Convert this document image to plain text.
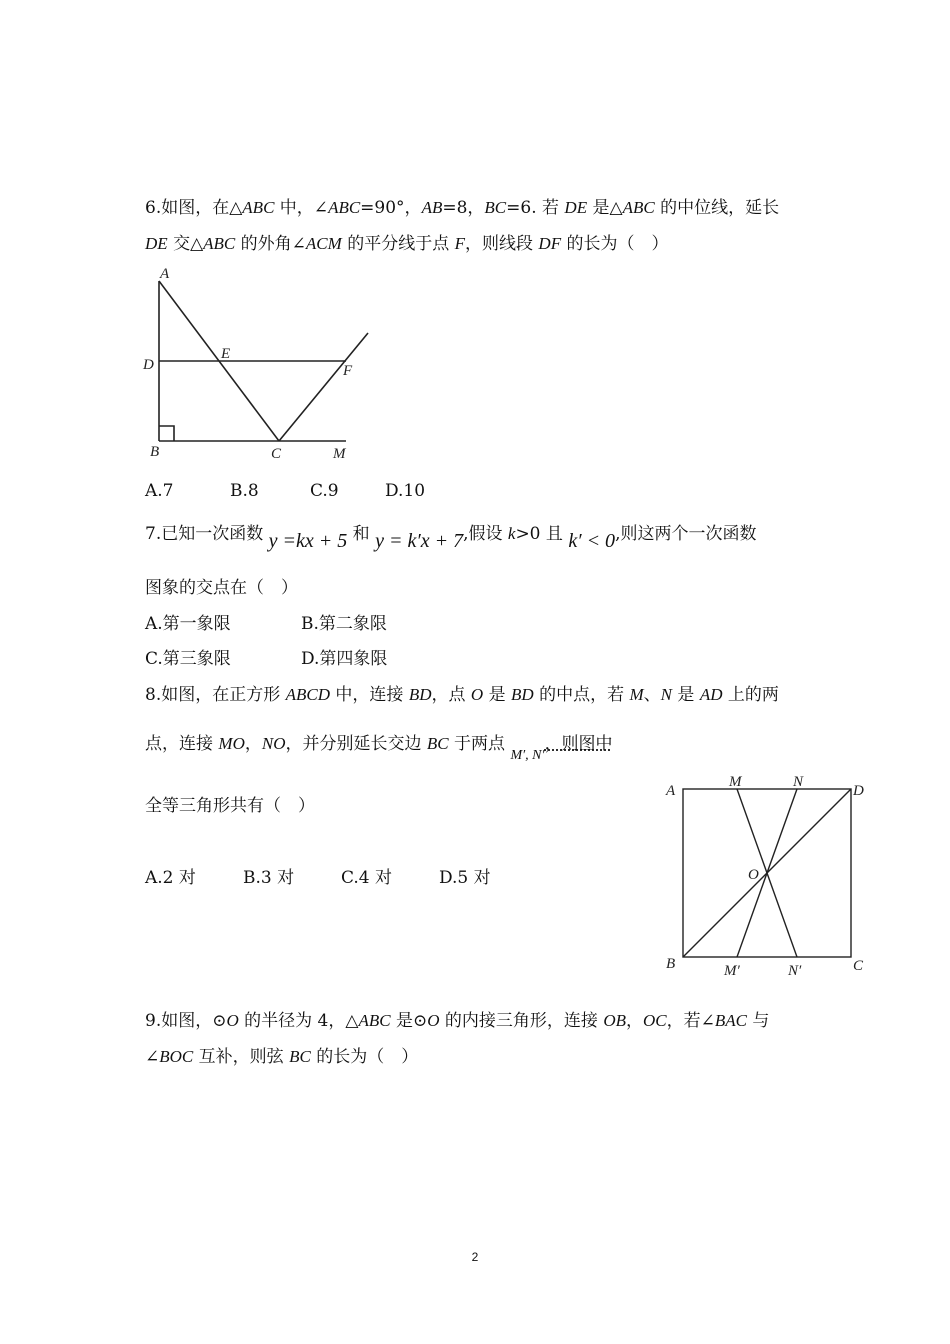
6.如图，在△ABC 中，∠ABC=90°，AB=8，BC=6. 若 DE 是△ABC 的中位线，延长
DE 交△ABC 的外角∠ACM 的平分线于点 F，则线段 DF 的长为（　）
A
E
D	F
B	C	M
A.7	B.8	C.9	D.10
7.已知一次函数 y =kx + 5 和 y = k′x + 7,假设 k>0 且 k′ < 0,则这两个一次函数
图象的交点在（　）
A.第一象限	B.第二象限
C.第三象限	D.第四象限
8.如图，在正方形 ABCD 中，连接 BD，点 O 是 BD 的中点，若 M、N 是 AD 上的两
点，连接 MO，NO，并分别延长交边 BC 于两点 $_{M', N'}$，则图中
全等三角形共有（　）
A.2 对	B.3 对	C.4 对	D.5 对
A
M	N
D
O
B	M′	N′	C
9.如图，⊙O 的半径为 4，△ABC 是⊙O 的内接三角形，连接 OB，OC，若∠BAC 与
∠BOC 互补，则弦 BC 的长为（　）
2
